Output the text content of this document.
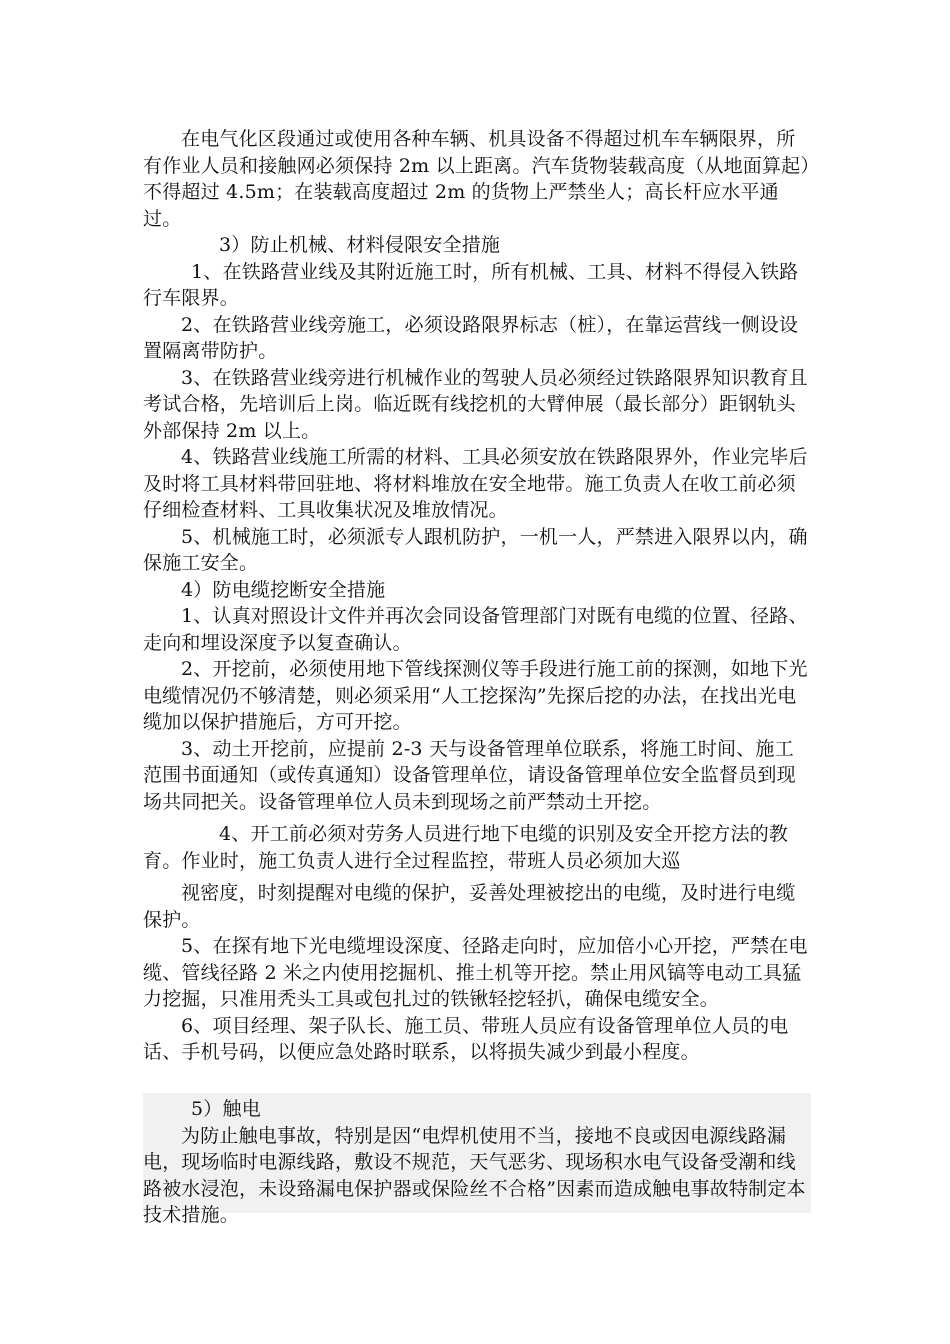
在电气化区段通过或使用各种车辆、机具设备不得超过机车车辆限界，所有作业人员和接触网必须保持 2m 以上距离。汽车货物装载高度（从地面算起）不得超过 4.5m；在装载高度超过 2m 的货物上严禁坐人；高长杆应水平通过。

3）防止机械、材料侵限安全措施

1、在铁路营业线及其附近施工时，所有机械、工具、材料不得侵入铁路行车限界。

2、在铁路营业线旁施工，必须设路限界标志（桩），在靠运营线一侧设设置隔离带防护。

3、在铁路营业线旁进行机械作业的驾驶人员必须经过铁路限界知识教育且考试合格，先培训后上岗。临近既有线挖机的大臂伸展（最长部分）距钢轨头外部保持 2m 以上。

4、铁路营业线施工所需的材料、工具必须安放在铁路限界外，作业完毕后及时将工具材料带回驻地、将材料堆放在安全地带。施工负责人在收工前必须仔细检查材料、工具收集状况及堆放情况。

5、机械施工时，必须派专人跟机防护，一机一人，严禁进入限界以内，确保施工安全。

4）防电缆挖断安全措施

1、认真对照设计文件并再次会同设备管理部门对既有电缆的位置、径路、走向和埋设深度予以复查确认。

2、开挖前，必须使用地下管线探测仪等手段进行施工前的探测，如地下光电缆情况仍不够清楚，则必须采用“人工挖探沟”先探后挖的办法，在找出光电缆加以保护措施后，方可开挖。

3、动土开挖前，应提前 2-3 天与设备管理单位联系，将施工时间、施工范围书面通知（或传真通知）设备管理单位，请设备管理单位安全监督员到现场共同把关。设备管理单位人员未到现场之前严禁动土开挖。

4、开工前必须对劳务人员进行地下电缆的识别及安全开挖方法的教育。作业时，施工负责人进行全过程监控，带班人员必须加大巡

视密度，时刻提醒对电缆的保护，妥善处理被挖出的电缆，及时进行电缆保护。

5、在探有地下光电缆埋设深度、径路走向时，应加倍小心开挖，严禁在电缆、管线径路 2 米之内使用挖掘机、推土机等开挖。禁止用风镐等电动工具猛力挖掘，只准用秃头工具或包扎过的铁锹轻挖轻扒，确保电缆安全。

6、项目经理、架子队长、施工员、带班人员应有设备管理单位人员的电话、手机号码，以便应急处路时联系，以将损失减少到最小程度。

5）触电

为防止触电事故，特别是因“电焊机使用不当，接地不良或因电源线路漏电，现场临时电源线路，敷设不规范，天气恶劣、现场积水电气设备受潮和线路被水浸泡，未设臵漏电保护器或保险丝不合格”因素而造成触电事故特制定本技术措施。
